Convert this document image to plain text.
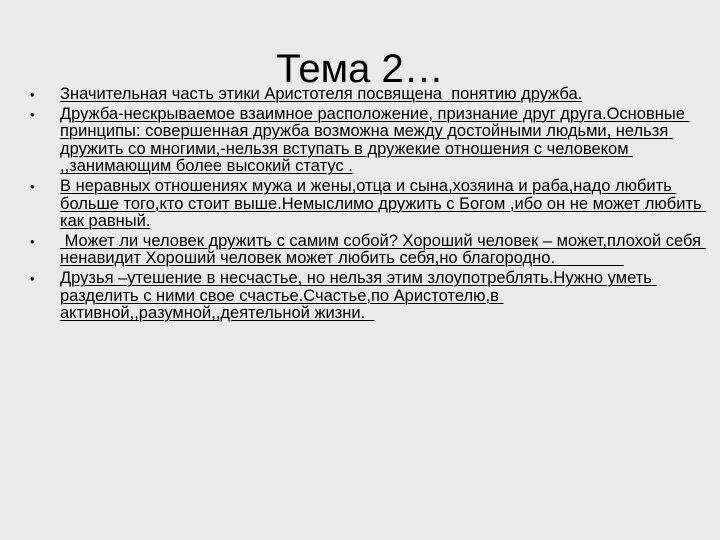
Тема 2…
•	Значительная часть этики Аристотеля посвящена  понятию дружба.
•	Дружба-нескрываемое взаимное расположение, признание друг друга.Основные принципы: совершенная дружба возможна между достойными людьми, нельзя дружить со многими,-нельзя вступать в дружекие отношения с человеком ,,занимающим более высокий статус .
•	В неравных отношениях мужа и жены,отца и сына,хозяина и раба,надо любить больше того,кто стоит выше.Немыслимо дружить с Богом ,ибо он не может любить как равный.
•	Может ли человек дружить с самим собой? Хороший человек – может,плохой себя ненавидит Хороший человек может любить себя,но благородно.
•	Друзья –утешение в несчастье, но нельзя этим злоупотреблять.Нужно уметь разделить с ними свое счастье.Счастье,по Аристотелю,в активной,,разумной,,деятельной жизни.
